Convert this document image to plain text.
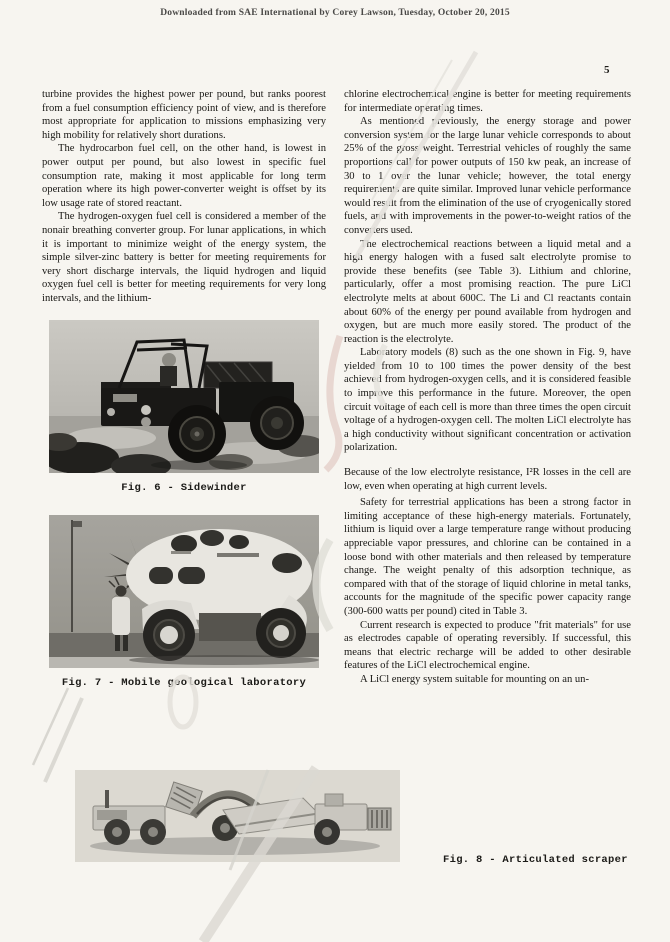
Downloaded from SAE International by Corey Lawson, Tuesday, October 20, 2015
5

turbine provides the highest power per pound, but ranks poorest from a fuel consumption efficiency point of view, and is therefore most appropriate for application to missions emphasizing very high mobility for relatively short durations.

The hydrocarbon fuel cell, on the other hand, is lowest in power output per pound, but also lowest in specific fuel consumption rate, making it most applicable for long term operation where its high power-converter weight is offset by its low usage rate of stored reactant.

The hydrogen-oxygen fuel cell is considered a member of the nonair breathing converter group. For lunar applications, in which it is important to minimize weight of the energy system, the simple silver-zinc battery is better for meeting requirements for very short discharge intervals, the liquid hydrogen and liquid oxygen fuel cell is better for meeting requirements for very long intervals, and the lithium-

Fig. 6 - Sidewinder
Fig. 7 - Mobile geological laboratory

chlorine electrochemical engine is better for meeting requirements for intermediate operating times.

As mentioned previously, the energy storage and power conversion system for the large lunar vehicle corresponds to about 25% of the gross weight. Terrestrial vehicles of roughly the same proportions call for power outputs of 150 kw peak, an increase of 30 to 1 over the lunar vehicle; however, the total energy requirements are quite similar. Improved lunar vehicle performance would result from the elimination of the use of cryogenically stored fuels, and with improvements in the power-to-weight ratios of the converters used.

The electrochemical reactions between a liquid metal and a high energy halogen with a fused salt electrolyte promise to provide these benefits (see Table 3). Lithium and chlorine, particularly, offer a most promising reaction. The pure LiCl electrolyte melts at about 600C. The Li and Cl reactants contain about 60% of the energy per pound available from hydrogen and oxygen, but are much more easily stored. The product of the reaction is the electrolyte.

Laboratory models (8) such as the one shown in Fig. 9, have yielded from 10 to 100 times the power density of the best achieved from hydrogen-oxygen cells, and it is considered feasible to improve this performance in the future. Moreover, the open circuit voltage of each cell is more than three times the open circuit voltage of a hydrogen-oxygen cell. The molten LiCl electrolyte has a high conductivity without significant concentration or activation polarization.

Because of the low electrolyte resistance, I²R losses in the cell are low, even when operating at high current levels.

Safety for terrestrial applications has been a strong factor in limiting acceptance of these high-energy materials. Fortunately, lithium is liquid over a large temperature range without producing appreciable vapor pressures, and chlorine can be contained in a loose bond with other materials and then released by temperature change. The weight penalty of this adsorption technique, as compared with that of the storage of liquid chlorine in metal tanks, accounts for the magnitude of the specific power capacity range (300-600 watts per pound) cited in Table 3.

Current research is expected to produce "frit materials" for use as electrodes capable of operating reversibly. If successful, this means that electric recharge will be added to other desirable features of the LiCl electrochemical engine.

A LiCl energy system suitable for mounting on an un-

Fig. 8 - Articulated scraper
